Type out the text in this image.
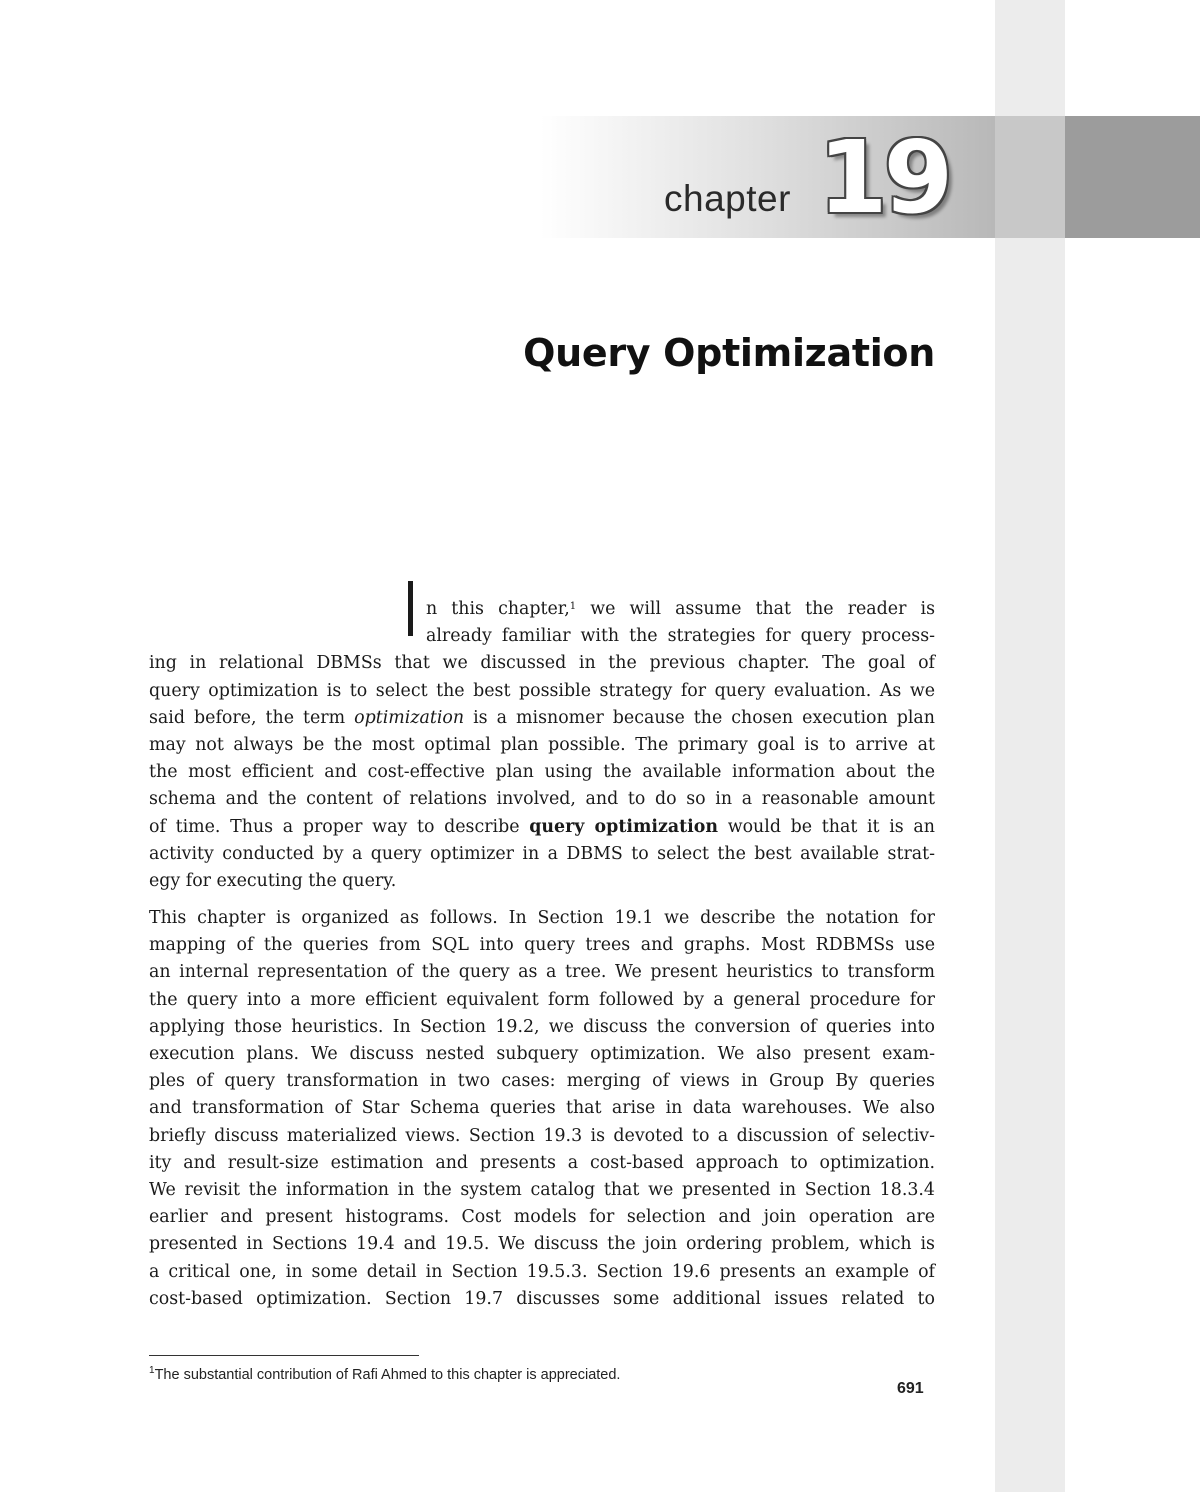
chapter 19
Query Optimization
n this chapter,$^1$ we will assume that the reader is
already familiar with the strategies for query process-
ing in relational DBMSs that we discussed in the previous chapter. The goal of
query optimization is to select the best possible strategy for query evaluation. As we
said before, the term optimization is a misnomer because the chosen execution plan
may not always be the most optimal plan possible. The primary goal is to arrive at
the most efficient and cost-effective plan using the available information about the
schema and the content of relations involved, and to do so in a reasonable amount
of time. Thus a proper way to describe query optimization would be that it is an
activity conducted by a query optimizer in a DBMS to select the best available strat-
egy for executing the query.
This chapter is organized as follows. In Section 19.1 we describe the notation for
mapping of the queries from SQL into query trees and graphs. Most RDBMSs use
an internal representation of the query as a tree. We present heuristics to transform
the query into a more efficient equivalent form followed by a general procedure for
applying those heuristics. In Section 19.2, we discuss the conversion of queries into
execution plans. We discuss nested subquery optimization. We also present exam-
ples of query transformation in two cases: merging of views in Group By queries
and transformation of Star Schema queries that arise in data warehouses. We also
briefly discuss materialized views. Section 19.3 is devoted to a discussion of selectiv-
ity and result-size estimation and presents a cost-based approach to optimization.
We revisit the information in the system catalog that we presented in Section 18.3.4
earlier and present histograms. Cost models for selection and join operation are
presented in Sections 19.4 and 19.5. We discuss the join ordering problem, which is
a critical one, in some detail in Section 19.5.3. Section 19.6 presents an example of
cost-based optimization. Section 19.7 discusses some additional issues related to
$^1$The substantial contribution of Rafi Ahmed to this chapter is appreciated.
691
